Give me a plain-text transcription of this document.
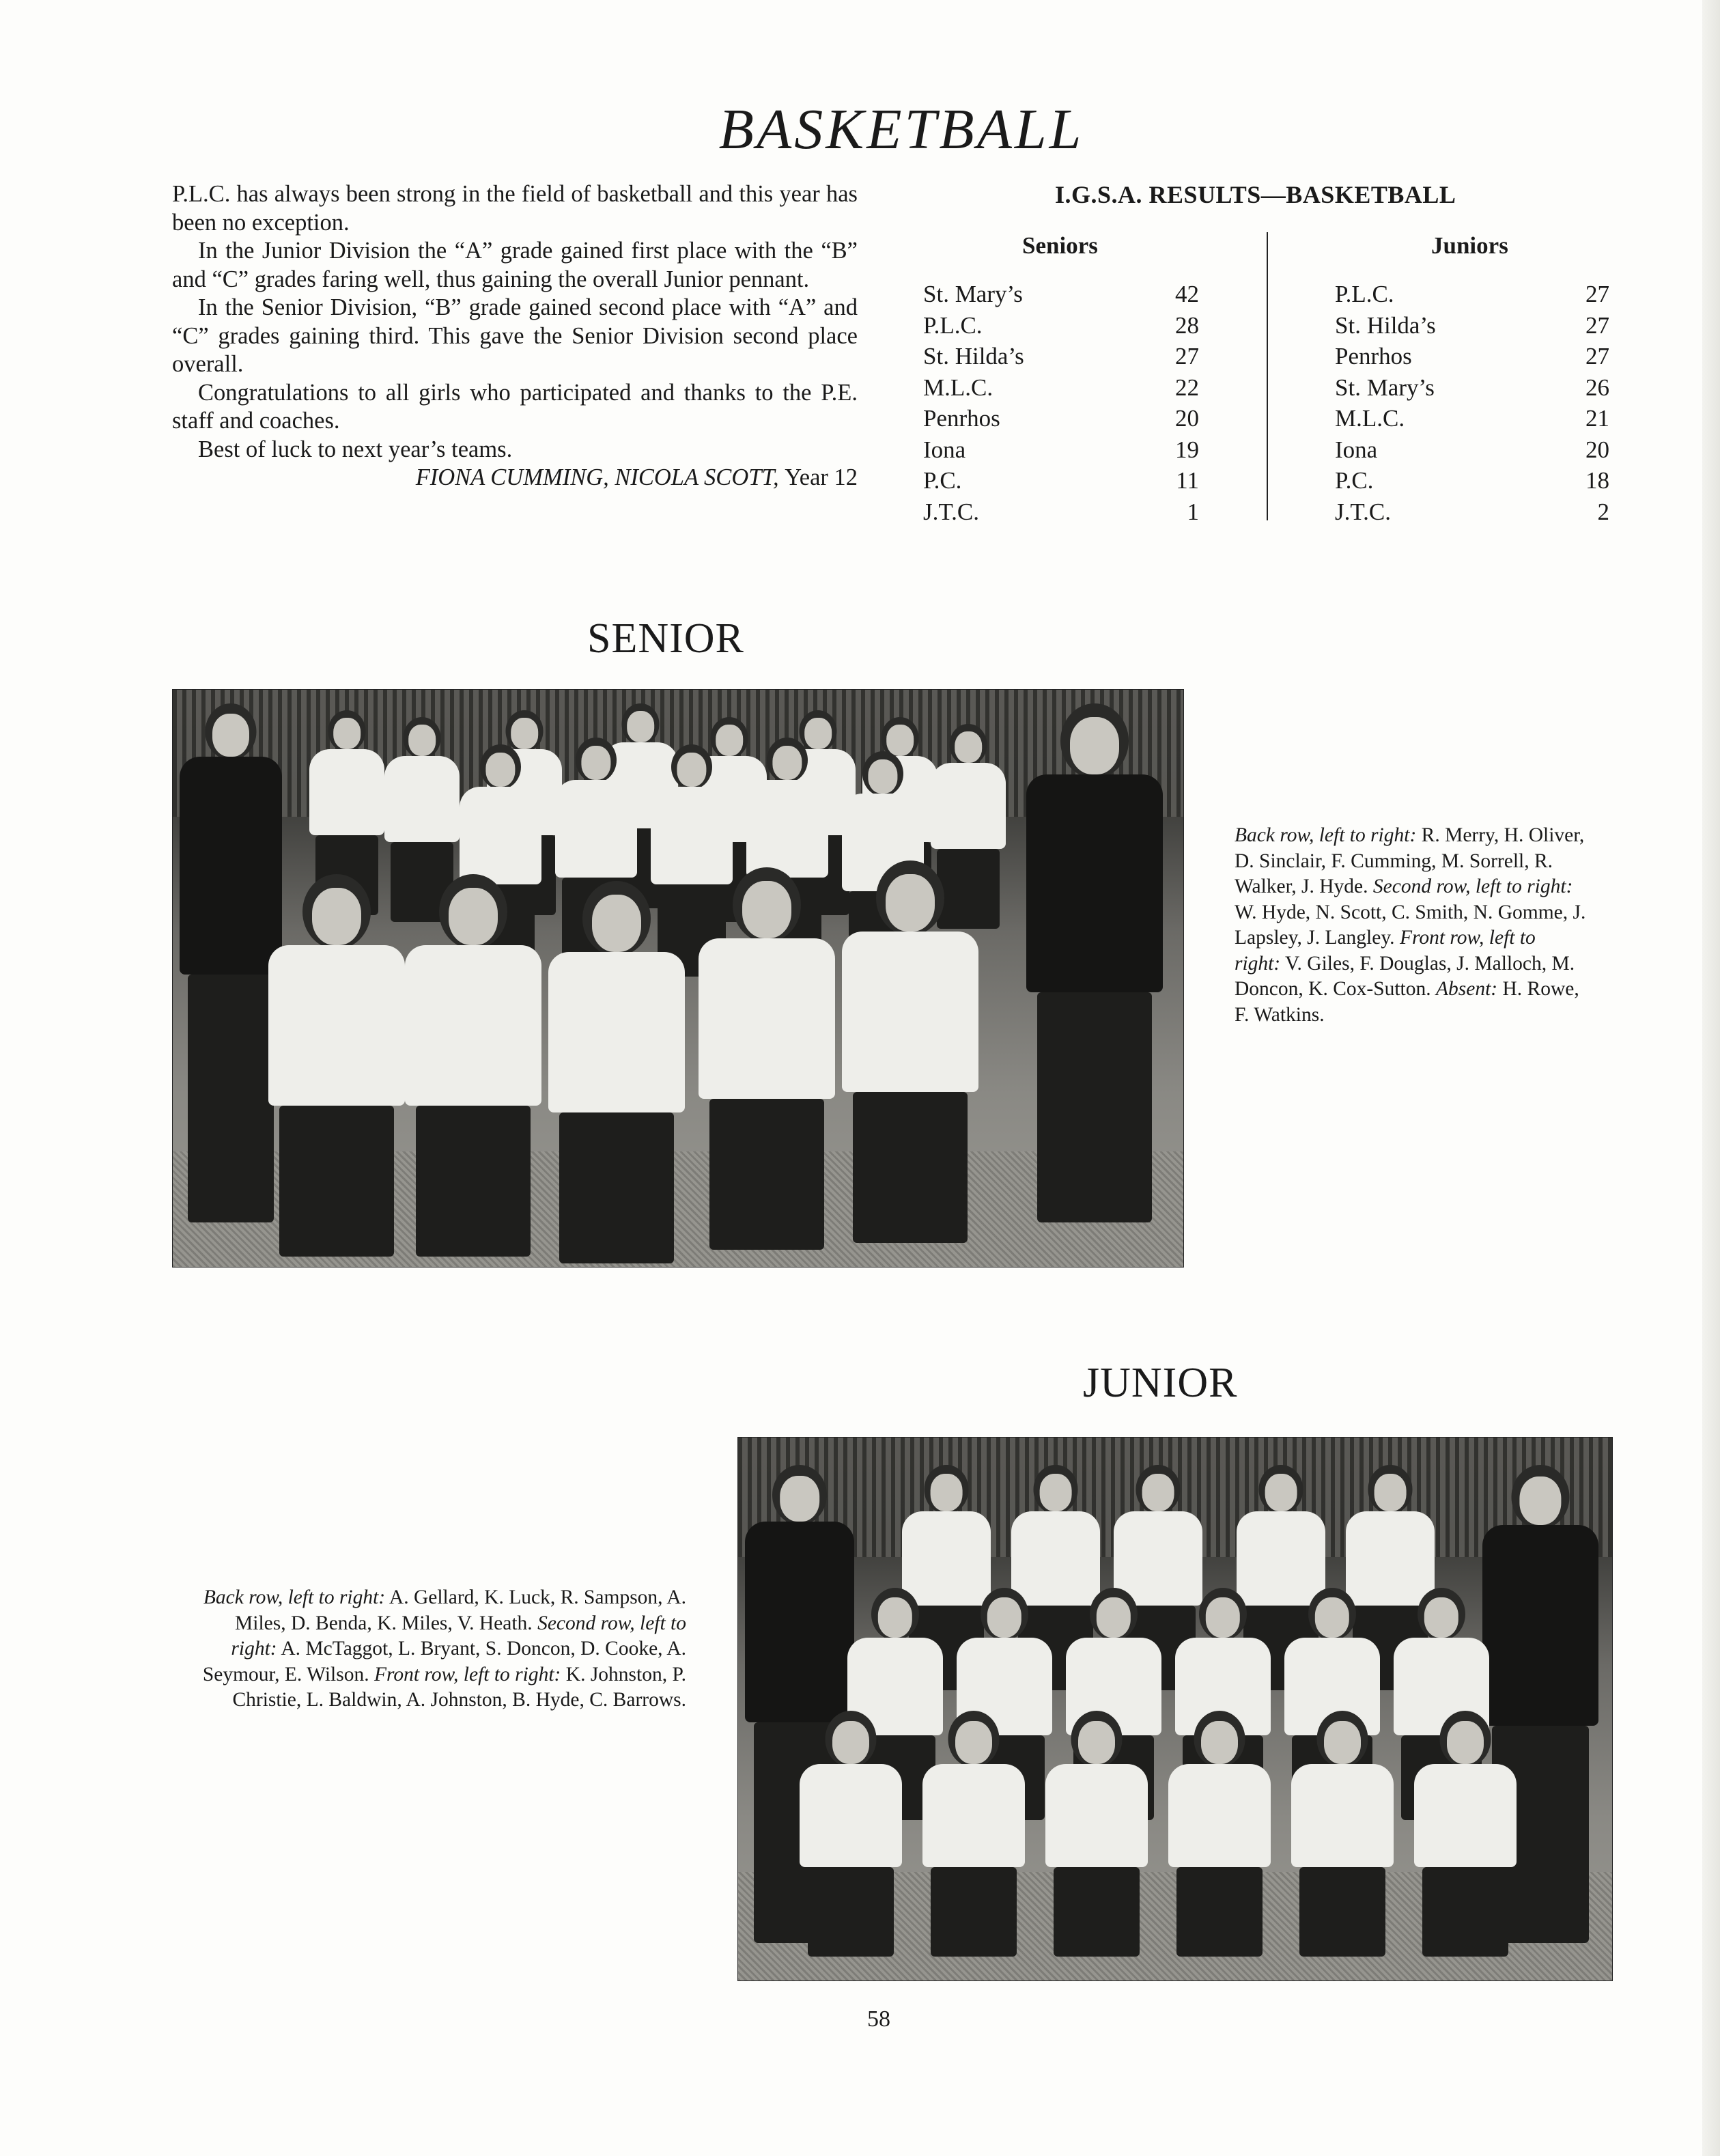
BASKETBALL

P.L.C. has always been strong in the field of basketball and this year has been no exception.

In the Junior Division the “A” grade gained first place with the “B” and “C” grades faring well, thus gaining the overall Junior pennant.

In the Senior Division, “B” grade gained second place with “A” and “C” grades gaining third. This gave the Senior Division second place overall.

Congratulations to all girls who participated and thanks to the P.E. staff and coaches.

Best of luck to next year’s teams.

FIONA CUMMING, NICOLA SCOTT, Year 12

I.G.S.A. RESULTS—BASKETBALL
Seniors	Juniors
St. Mary’s	42
P.L.C.	28
St. Hilda’s	27
M.L.C.	22
Penrhos	20
Iona	19
P.C.	11
J.T.C.	1
P.L.C.	27
St. Hilda’s	27
Penrhos	27
St. Mary’s	26
M.L.C.	21
Iona	20
P.C.	18
J.T.C.	2
SENIOR
Back row, left to right: R. Merry, H. Oliver, D. Sinclair, F. Cumming, M. Sorrell, R. Walker, J. Hyde. Second row, left to right: W. Hyde, N. Scott, C. Smith, N. Gomme, J. Lapsley, J. Langley. Front row, left to right: V. Giles, F. Douglas, J. Malloch, M. Doncon, K. Cox-Sutton. Absent: H. Rowe, F. Watkins.
JUNIOR
Back row, left to right: A. Gellard, K. Luck, R. Sampson, A. Miles, D. Benda, K. Miles, V. Heath. Second row, left to right: A. McTaggot, L. Bryant, S. Doncon, D. Cooke, A. Seymour, E. Wilson. Front row, left to right: K. Johnston, P. Christie, L. Baldwin, A. Johnston, B. Hyde, C. Barrows.
58
